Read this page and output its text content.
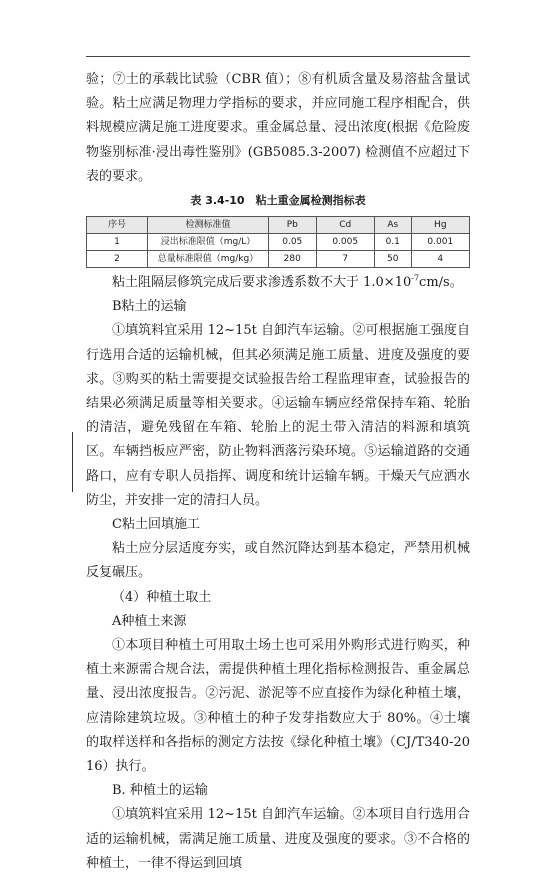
验；⑦土的承载比试验（CBR 值）；⑧有机质含量及易溶盐含量试验。粘土应满足物理力学指标的要求，并应同施工程序相配合，供料规模应满足施工进度要求。重金属总量、浸出浓度(根据《危险废物鉴别标准·浸出毒性鉴别》(GB5085.3-2007) 检测值不应超过下表的要求。

表 3.4-10　粘土重金属检测指标表
序号	检测标准值	Pb	Cd	As	Hg
1	浸出标准限值（mg/L）	0.05	0.005	0.1	0.001
2	总量标准限值（mg/kg）	280	7	50	4

粘土阻隔层修筑完成后要求渗透系数不大于 $1.0\times 10^{-7}cm/s$。

B粘土的运输

①填筑料宜采用 12~15t 自卸汽车运输。②可根据施工强度自行选用合适的运输机械，但其必须满足施工质量、进度及强度的要求。③购买的粘土需要提交试验报告给工程监理审查，试验报告的结果必须满足质量等相关要求。④运输车辆应经常保持车箱、轮胎的清洁，避免残留在车箱、轮胎上的泥土带入清洁的料源和填筑区。车辆挡板应严密，防止物料洒落污染环境。⑤运输道路的交通路口，应有专职人员指挥、调度和统计运输车辆。干燥天气应洒水防尘，并安排一定的清扫人员。

C粘土回填施工

粘土应分层适度夯实，或自然沉降达到基本稳定，严禁用机械反复碾压。

（4）种植土取土

A种植土来源

①本项目种植土可用取土场土也可采用外购形式进行购买，种植土来源需合规合法，需提供种植土理化指标检测报告、重金属总量、浸出浓度报告。②污泥、淤泥等不应直接作为绿化种植土壤，应清除建筑垃圾。③种植土的种子发芽指数应大于 80%。④土壤的取样送样和各指标的测定方法按《绿化种植土壤》（CJ/T340-2016）执行。

B. 种植土的运输

①填筑料宜采用 12~15t 自卸汽车运输。②本项目自行选用合适的运输机械，需满足施工质量、进度及强度的要求。③不合格的种植土，一律不得运到回填
